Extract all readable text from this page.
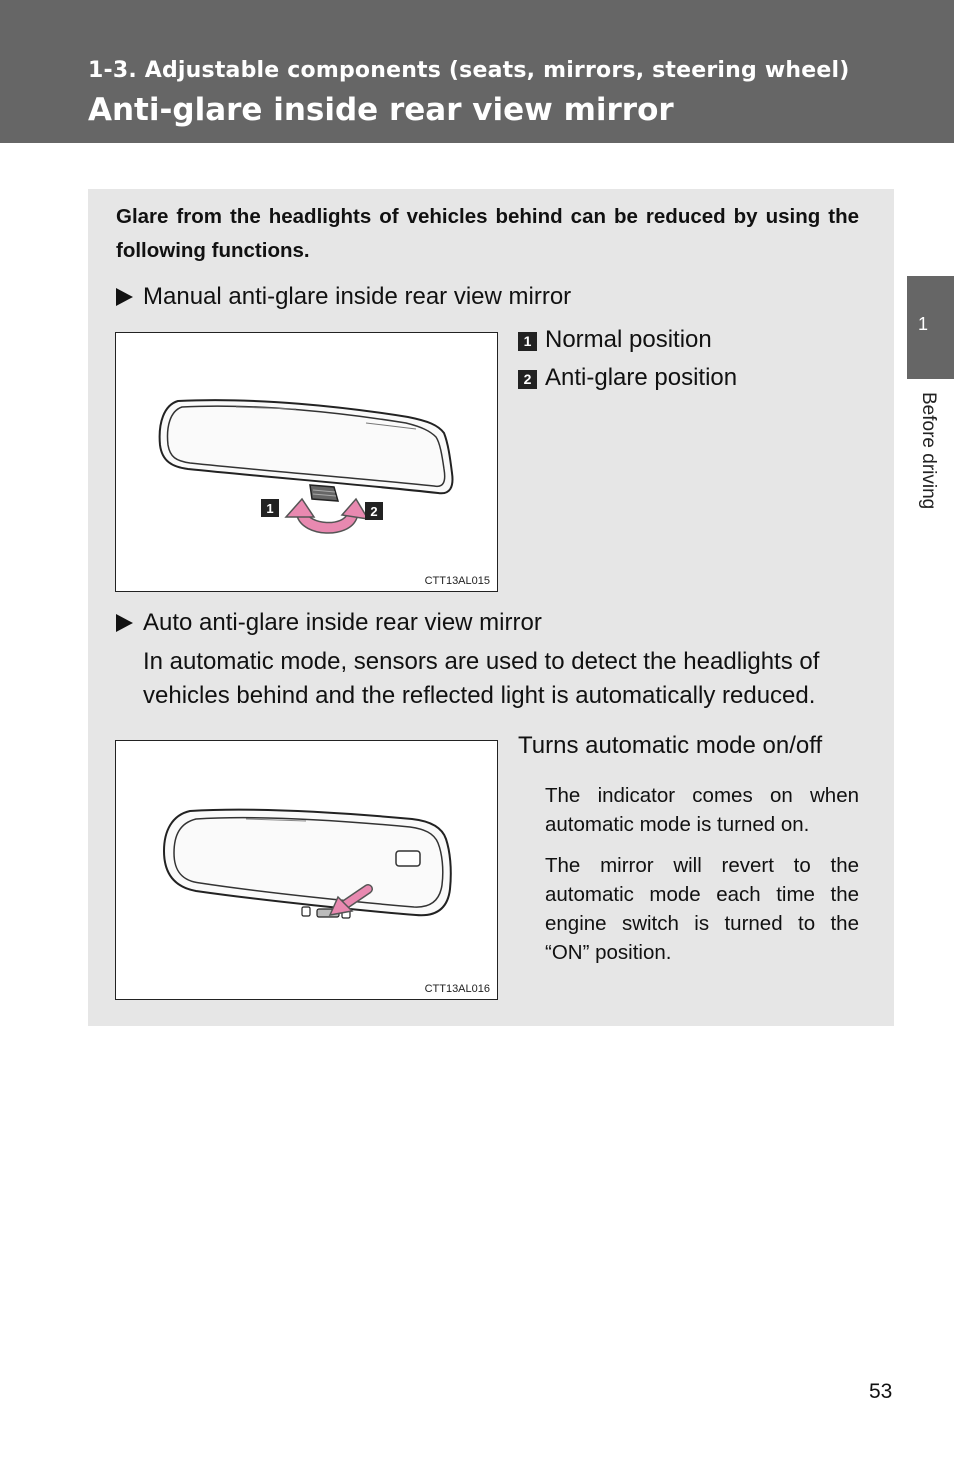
1-3. Adjustable components (seats, mirrors, steering wheel)
Anti-glare inside rear view mirror
1
Before driving
Glare from the headlights of vehicles behind can be reduced by using the following functions.
Manual anti-glare inside rear view mirror
1	2
CTT13AL015
1 Normal position
2 Anti-glare position
Auto anti-glare inside rear view mirror
In automatic mode, sensors are used to detect the headlights of vehicles behind and the reflected light is automatically reduced.
CTT13AL016
Turns automatic mode on/off
The indicator comes on when automatic mode is turned on.
The mirror will revert to the automatic mode each time the engine switch is turned to the “ON” position.
53
